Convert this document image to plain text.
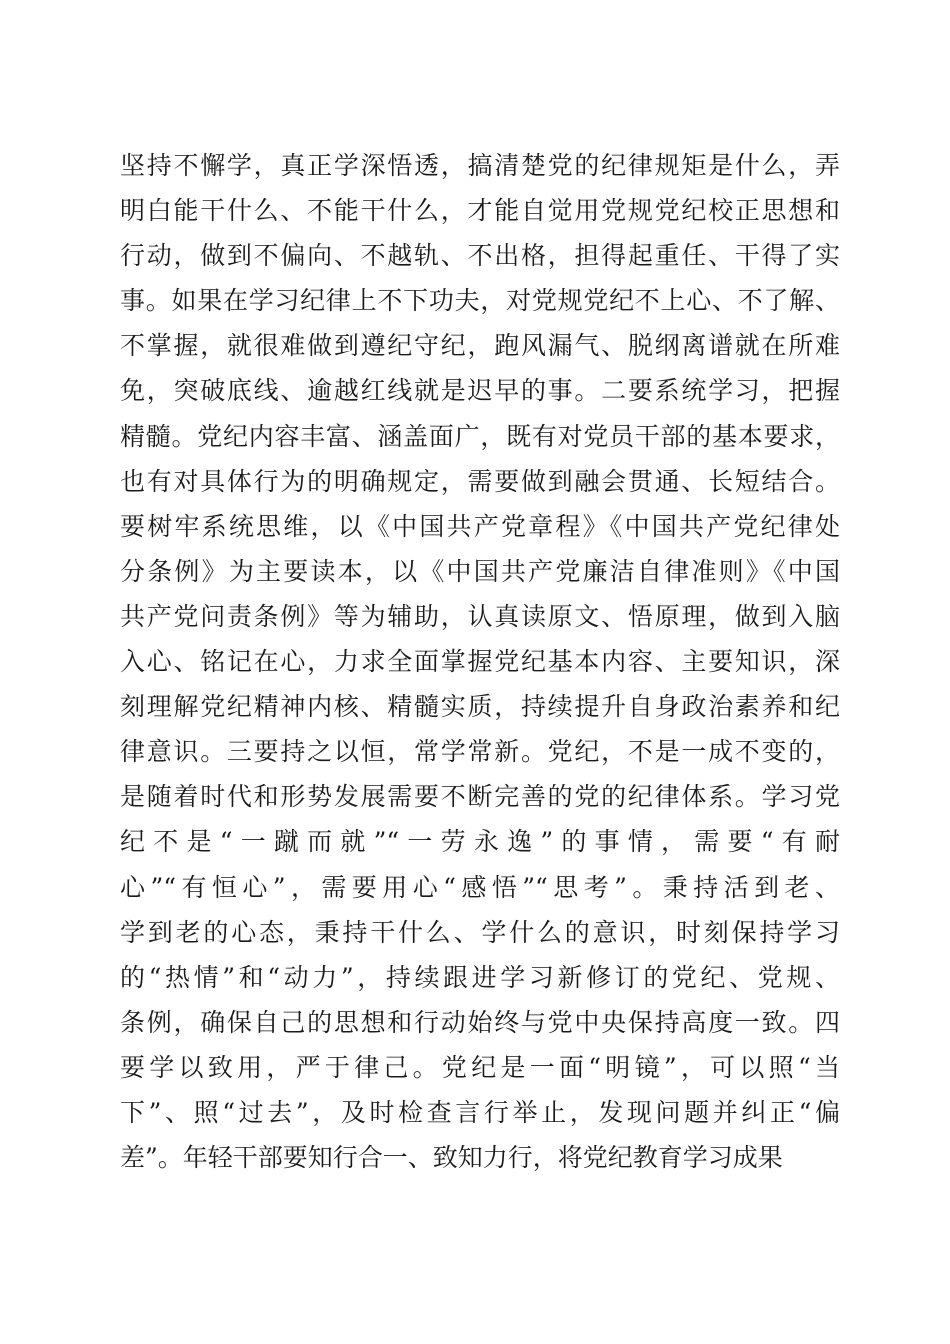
坚持不懈学，真正学深悟透，搞清楚党的纪律规矩是什么，弄
明白能干什么、不能干什么，才能自觉用党规党纪校正思想和
行动，做到不偏向、不越轨、不出格，担得起重任、干得了实
事。如果在学习纪律上不下功夫，对党规党纪不上心、不了解、
不掌握，就很难做到遵纪守纪，跑风漏气、脱纲离谱就在所难
免，突破底线、逾越红线就是迟早的事。二要系统学习，把握
精髓。党纪内容丰富、涵盖面广，既有对党员干部的基本要求，
也有对具体行为的明确规定，需要做到融会贯通、长短结合。
要树牢系统思维，以《中国共产党章程》《中国共产党纪律处
分条例》为主要读本，以《中国共产党廉洁自律准则》《中国
共产党问责条例》等为辅助，认真读原文、悟原理，做到入脑
入心、铭记在心，力求全面掌握党纪基本内容、主要知识，深
刻理解党纪精神内核、精髓实质，持续提升自身政治素养和纪
律意识。三要持之以恒，常学常新。党纪，不是一成不变的，
是随着时代和形势发展需要不断完善的党的纪律体系。学习党
纪不是“一蹴而就”“一劳永逸”的事情，需要“有耐
心”“有恒心”，需要用心“感悟”“思考”。秉持活到老、
学到老的心态，秉持干什么、学什么的意识，时刻保持学习
的“热情”和“动力”，持续跟进学习新修订的党纪、党规、
条例，确保自己的思想和行动始终与党中央保持高度一致。四
要学以致用，严于律己。党纪是一面“明镜”，可以照“当
下”、照“过去”，及时检查言行举止，发现问题并纠正“偏
差”。年轻干部要知行合一、致知力行，将党纪教育学习成果
